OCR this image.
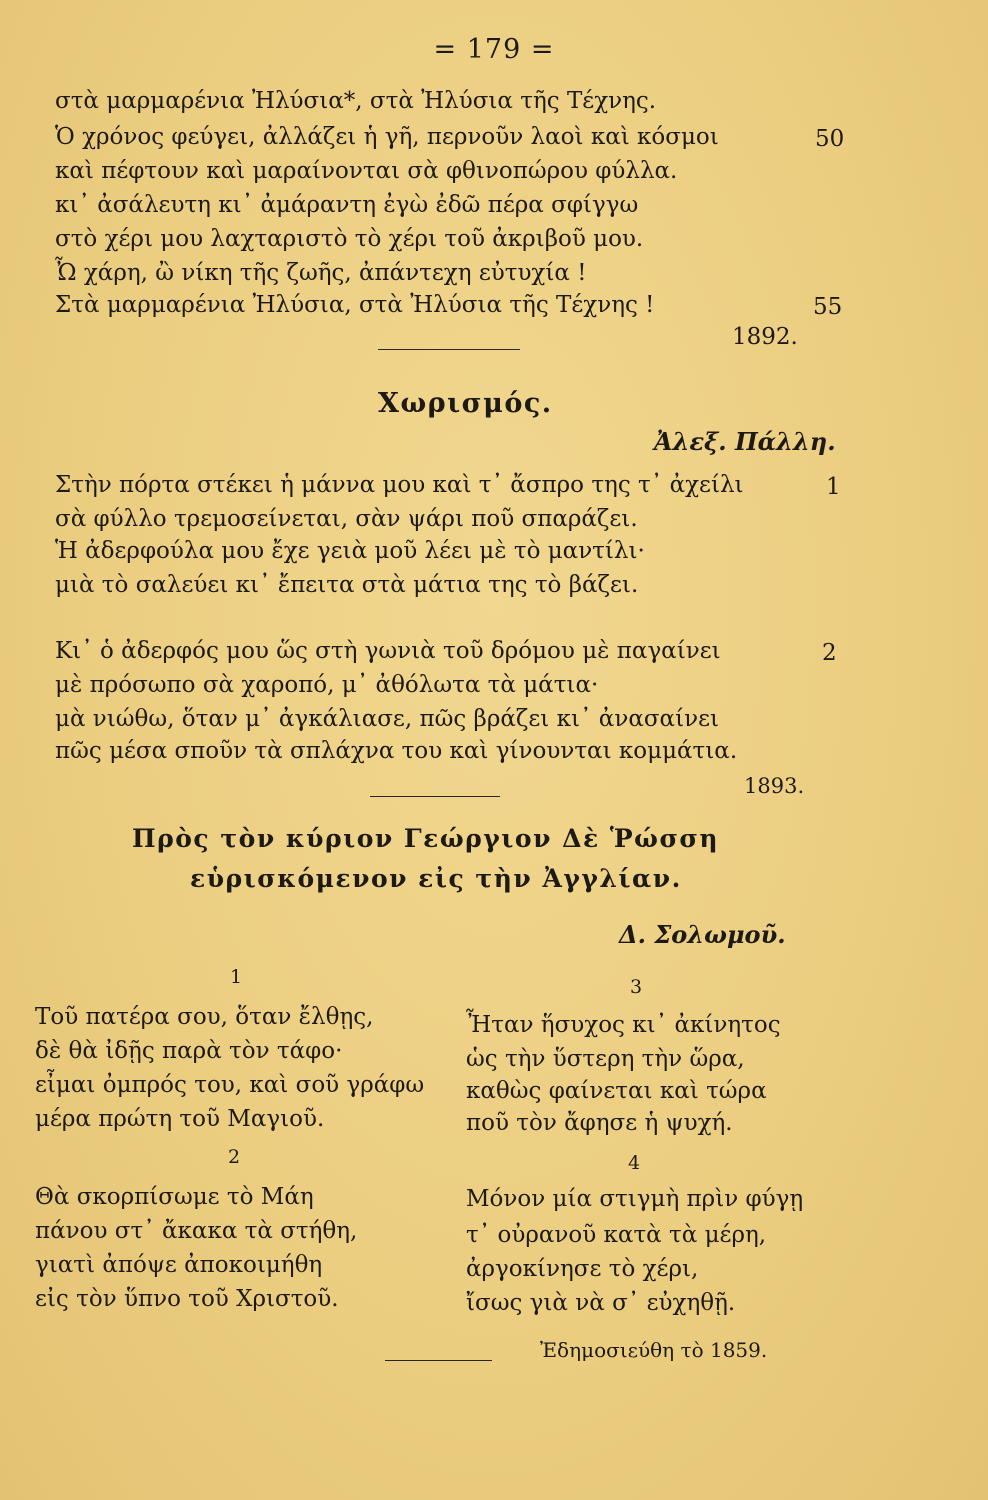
= 179 =
στὰ μαρμαρένια Ἠλύσια*, στὰ Ἠλύσια τῆς Τέχνης.
Ὁ χρόνος φεύγει, ἀλλάζει ἡ γῆ, περνοῦν λαοὶ καὶ κόσμοι	50
καὶ πέφτουν καὶ μαραίνονται σὰ φθινοπώρου φύλλα.
κι᾿ ἀσάλευτη κι᾿ ἀμάραντη ἐγὼ ἐδῶ πέρα σφίγγω
στὸ χέρι μου λαχταριστὸ τὸ χέρι τοῦ ἀκριβοῦ μου.
Ὦ χάρη, ὢ νίκη τῆς ζωῆς, ἀπάντεχη εὐτυχία !
Στὰ μαρμαρένια Ἠλύσια, στὰ Ἠλύσια τῆς Τέχνης !	55
1892.
Χωρισμός.
Ἀλεξ. Πάλλη.
Στὴν πόρτα στέκει ἡ μάννα μου καὶ τ᾿ ἄσπρο της τ᾿ ἀχείλι	1
σὰ φύλλο τρεμοσείνεται, σὰν ψάρι ποῦ σπαράζει.
Ἡ ἀδερφούλα μου ἔχε γειὰ μοῦ λέει μὲ τὸ μαντίλι·
μιὰ τὸ σαλεύει κι᾿ ἔπειτα στὰ μάτια της τὸ βάζει.
Κι᾿ ὁ ἀδερφός μου ὥς στὴ γωνιὰ τοῦ δρόμου μὲ παγαίνει	2
μὲ πρόσωπο σὰ χαροπό, μ᾿ ἀθόλωτα τὰ μάτια·
μὰ νιώθω, ὅταν μ᾿ ἀγκάλιασε, πῶς βράζει κι᾿ ἀνασαίνει
πῶς μέσα σποῦν τὰ σπλάχνα του καὶ γίνουνται κομμάτια.
1893.
Πρὸς τὸν κύριον Γεώργιον Δὲ Ῥώσση
εὑρισκόμενον εἰς τὴν Ἀγγλίαν.
Δ. Σολωμοῦ.
1
Τοῦ πατέρα σου, ὅταν ἔλθῃς,
δὲ θὰ ἰδῇς παρὰ τὸν τάφο·
εἶμαι ὀμπρός του, καὶ σοῦ γράφω
μέρα πρώτη τοῦ Μαγιοῦ.
2
Θὰ σκορπίσωμε τὸ Μάη
πάνου στ᾿ ἄκακα τὰ στήθη,
γιατὶ ἀπόψε ἀποκοιμήθη
εἰς τὸν ὕπνο τοῦ Χριστοῦ.
3
Ἦταν ἥσυχος κι᾿ ἀκίνητος
ὡς τὴν ὕστερη τὴν ὥρα,
καθὼς φαίνεται καὶ τώρα
ποῦ τὸν ἄφησε ἡ ψυχή.
4
Μόνον μία στιγμὴ πρὶν φύγῃ
τ᾿ οὐρανοῦ κατὰ τὰ μέρη,
ἀργοκίνησε τὸ χέρι,
ἴσως γιὰ νὰ σ᾿ εὐχηθῇ.
Ἐδημοσιεύθη τὸ 1859.
